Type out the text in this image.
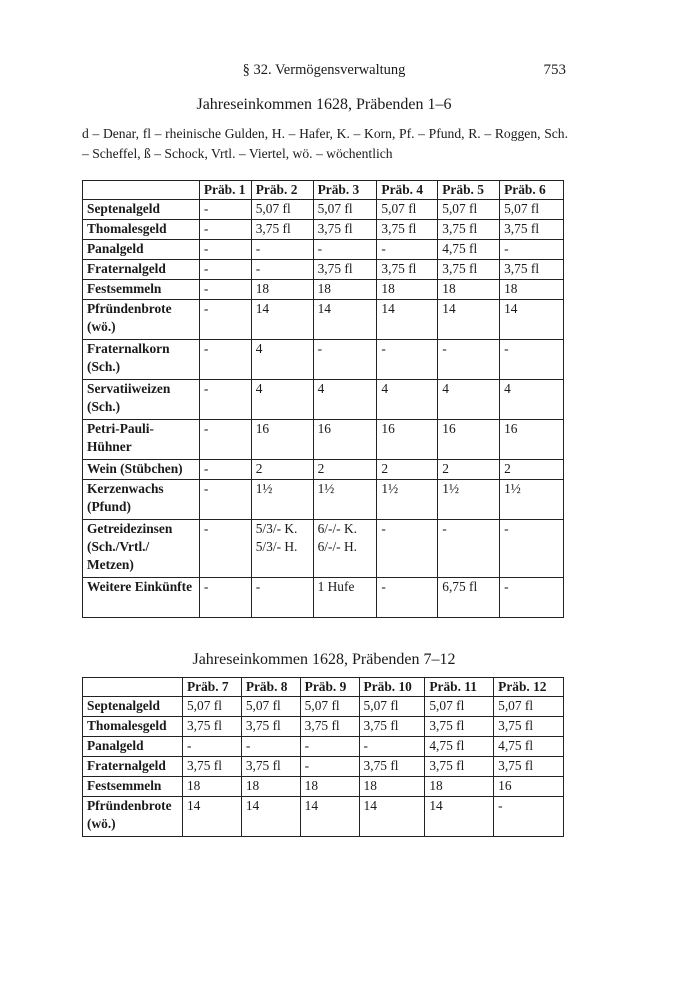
§ 32. Vermögensverwaltung	753
Jahreseinkommen 1628, Präbenden 1–6
d – Denar, fl – rheinische Gulden, H. – Hafer, K. – Korn, Pf. – Pfund, R. – Roggen, Sch. – Scheffel, ß – Schock, Vrtl. – Viertel, wö. – wöchentlich
	Präb. 1	Präb. 2	Präb. 3	Präb. 4	Präb. 5	Präb. 6
Septenalgeld	-	5,07 fl	5,07 fl	5,07 fl	5,07 fl	5,07 fl
Thomalesgeld	-	3,75 fl	3,75 fl	3,75 fl	3,75 fl	3,75 fl
Panalgeld	-	-	-	-	4,75 fl	-
Fraternalgeld	-	-	3,75 fl	3,75 fl	3,75 fl	3,75 fl
Festsemmeln	-	18	18	18	18	18
Pfründenbrote (wö.)	-	14	14	14	14	14
Fraternalkorn (Sch.)	-	4	-	-	-	-
Servatiiweizen (Sch.)	-	4	4	4	4	4
Petri-Pauli-Hühner	-	16	16	16	16	16
Wein (Stübchen)	-	2	2	2	2	2
Kerzenwachs (Pfund)	-	1½	1½	1½	1½	1½
Getreidezinsen (Sch./Vrtl./ Metzen)	-	5/3/- K. 5/3/- H.	6/-/- K. 6/-/- H.	-	-	-
Weitere Einkünfte	-	-	1 Hufe	-	6,75 fl	-
Jahreseinkommen 1628, Präbenden 7–12
	Präb. 7	Präb. 8	Präb. 9	Präb. 10	Präb. 11	Präb. 12
Septenalgeld	5,07 fl	5,07 fl	5,07 fl	5,07 fl	5,07 fl	5,07 fl
Thomalesgeld	3,75 fl	3,75 fl	3,75 fl	3,75 fl	3,75 fl	3,75 fl
Panalgeld	-	-	-	-	4,75 fl	4,75 fl
Fraternalgeld	3,75 fl	3,75 fl	-	3,75 fl	3,75 fl	3,75 fl
Festsemmeln	18	18	18	18	18	16
Pfründenbrote (wö.)	14	14	14	14	14	-
